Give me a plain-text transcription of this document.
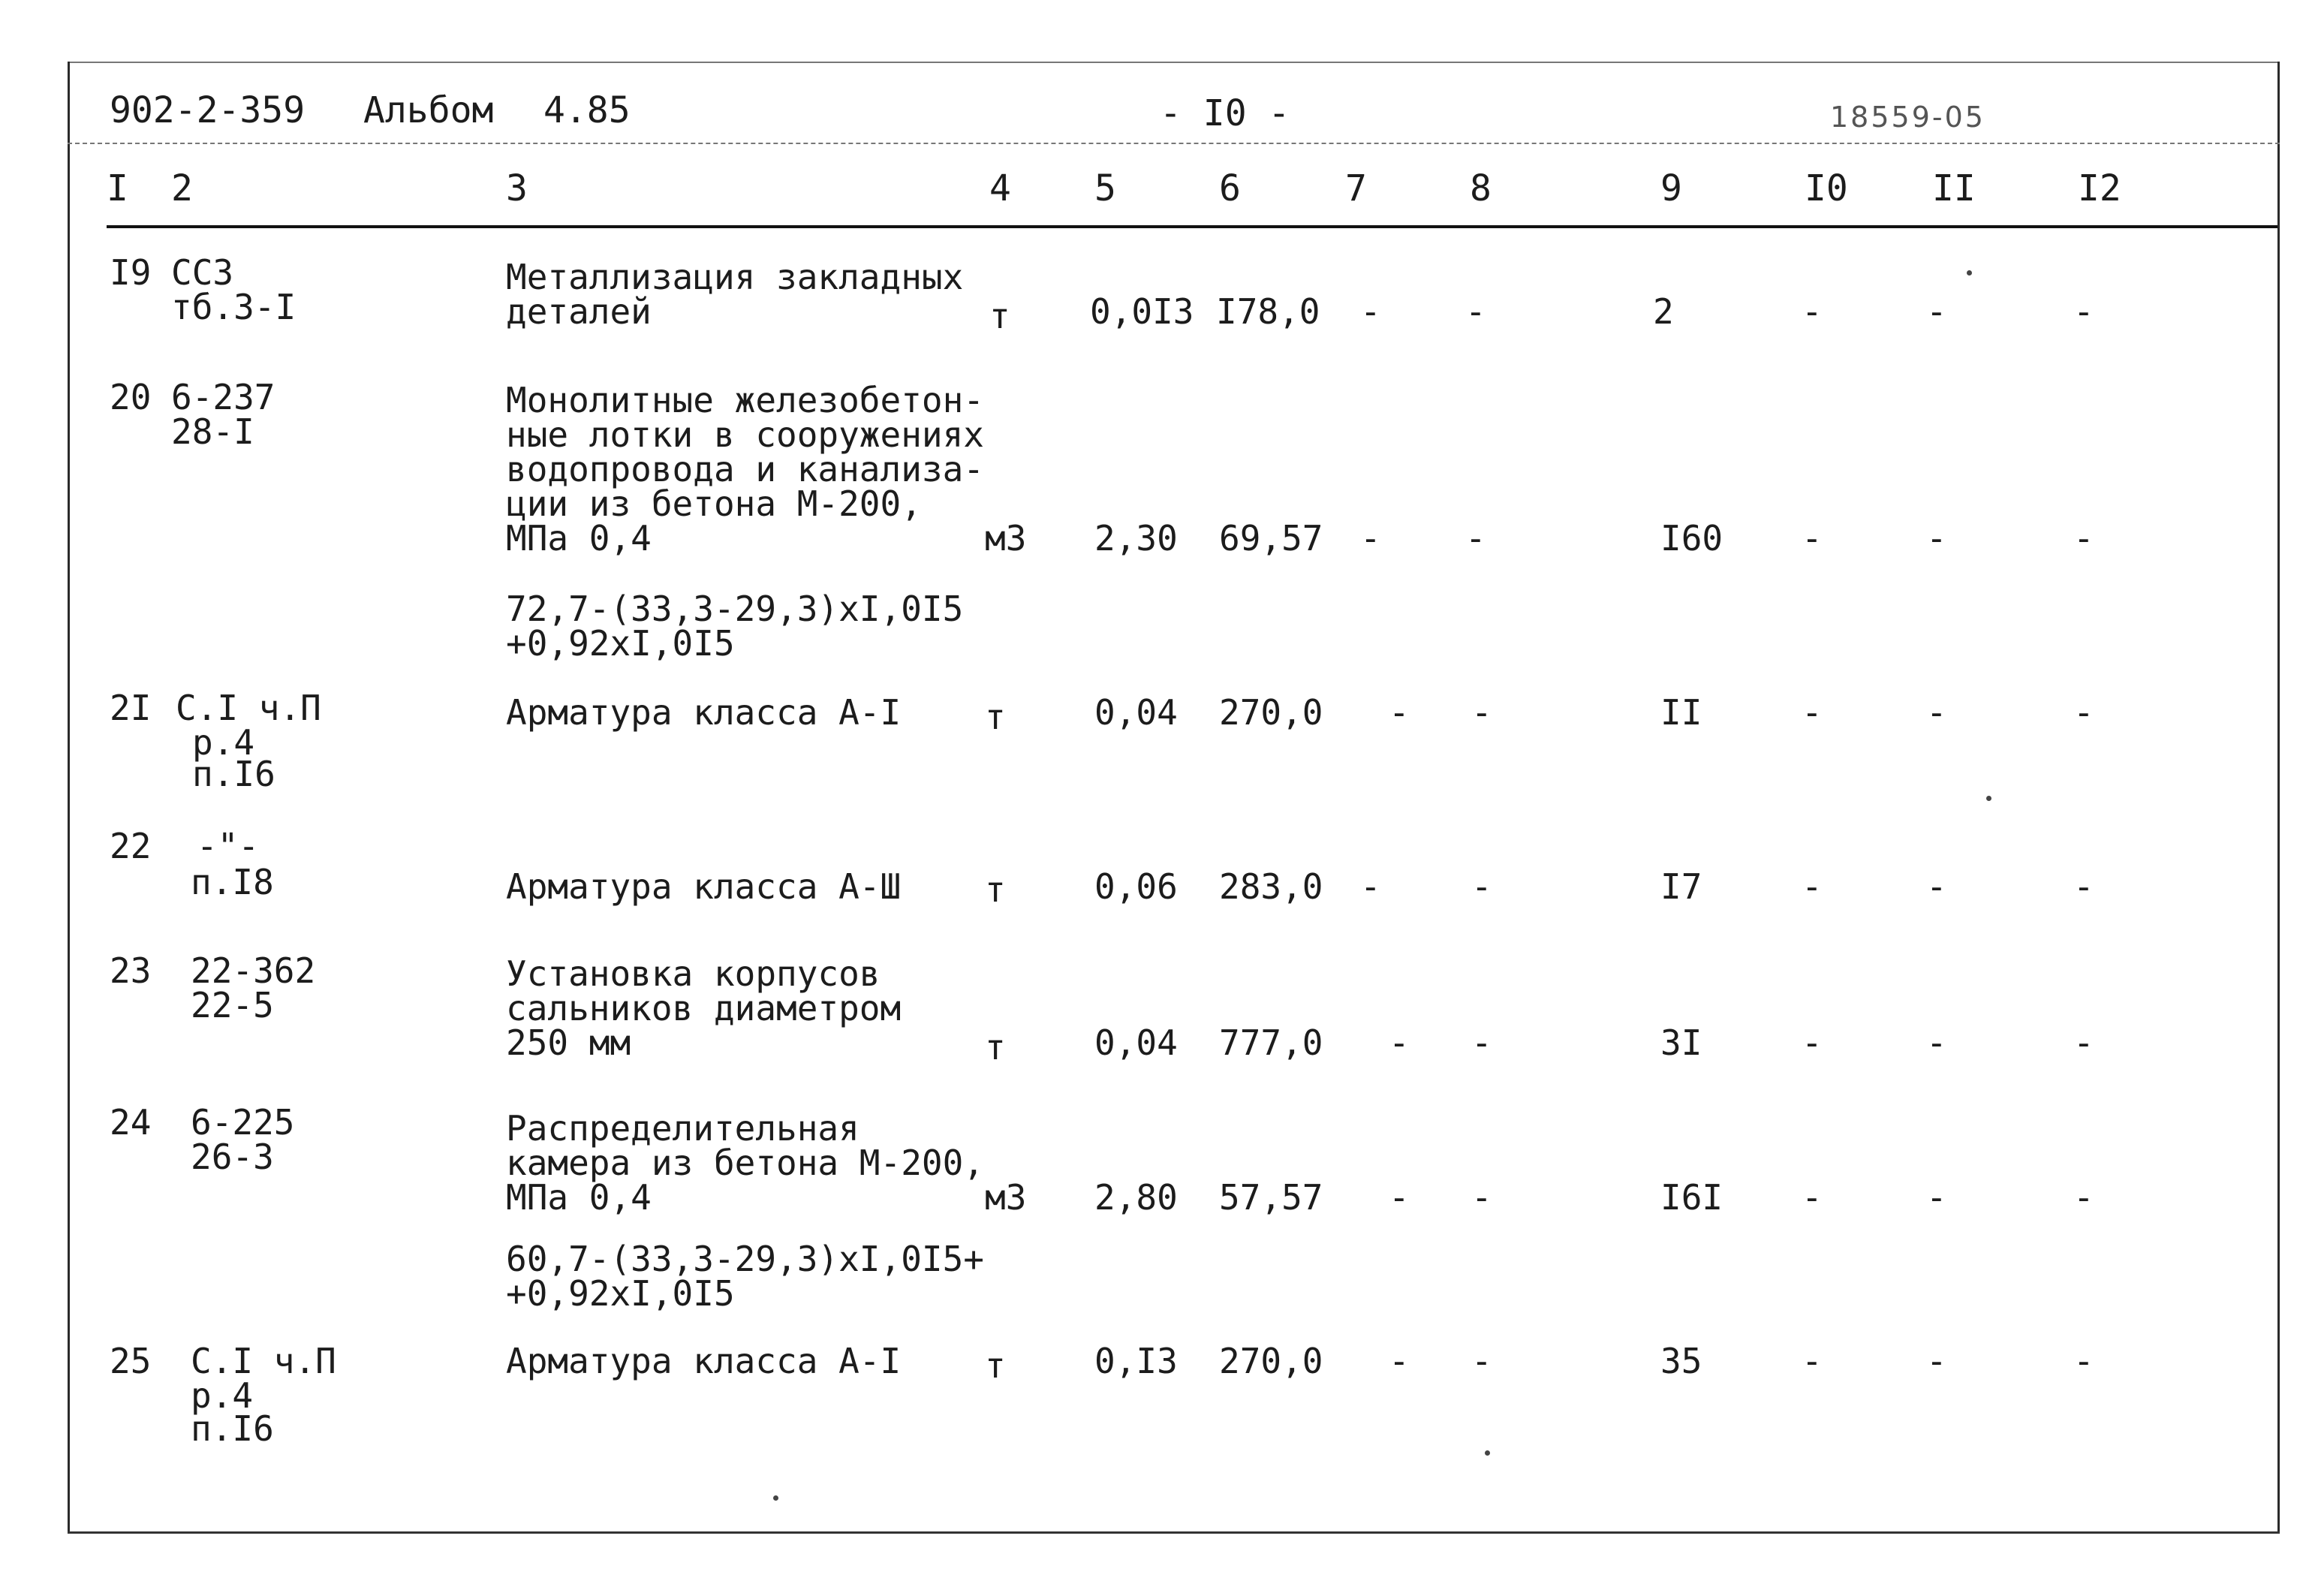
902-2-359 Альбом 4.85	- I0 -	18559-05
I 2	3	4 5	6	7	8	9	I0 II	I2
I9 ССЗ
тб.3-I
Металлизация закладных
деталей	т 0,0I3 I78,0 - -	2	-	-	-
20 6-237
28-I
Монолитные железобетон-
ные лотки в сооружениях
водопровода и канализа-
ции из бетона М-200,
МПа 0,4	м3 2,30 69,57 - -	I60 -	-	-
72,7-(33,3-29,3)xI,0I5
+0,92xI,0I5
2I С.I ч.П
р.4
п.I6
Арматура класса А-I т	0,04 270,0 - -	II	-	-	-
22 -"-
п.I8	Арматура класса А-Ш т	0,06 283,0 -	-	I7	-	-	-
23 22-362
22-5
Установка корпусов
сальников диаметром
250 мм	т	0,04 777,0 - -	3I	-	-	-
24 6-225
26-3
Распределительная
камера из бетона М-200,
МПа 0,4	м3 2,80 57,57 - -	I6I -	-	-
60,7-(33,3-29,3)xI,0I5+
+0,92xI,0I5
25 С.I ч.П
р.4
п.I6
Арматура класса А-I т	0,I3 270,0 - -	35	-	-	-
